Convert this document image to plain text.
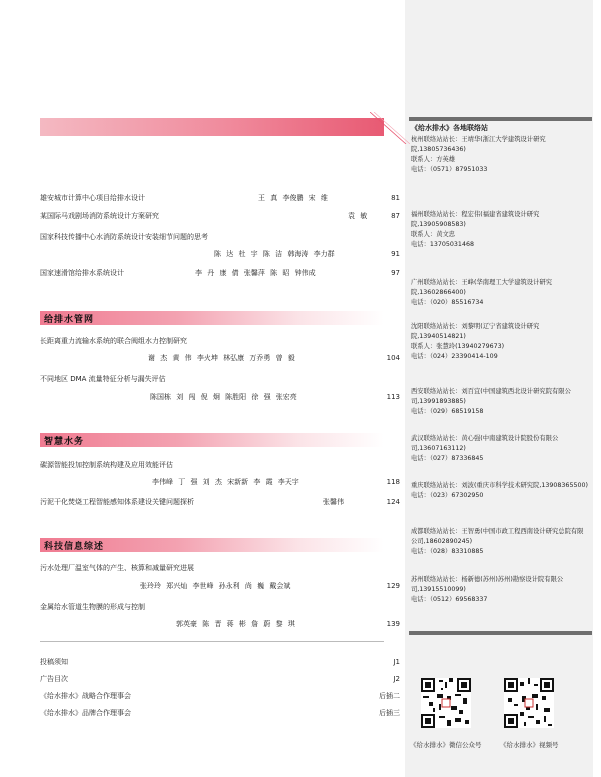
雄安城市计算中心项目给排水设计	王 真 李俊鹏 宋 维	81
某国际马戏剧场消防系统设计方案研究	袁 敏	87
国家科技传播中心水消防系统设计安装细节问题的思考
陈 达 杜 宇 陈 洁 韩海涛 李力群	91
国家速滑馆给排水系统设计	李 丹 康 倩 张馨萍 陈 昭 钟伟成	97
给排水管网
长距离重力流输水系统的联合阀组水力控制研究
谢 杰 黄 伟 李火坤 林弘康 万乔勇 曾 毅	104
不同地区 DMA 流量特征分析与漏失评估
陈国栋 刘 闯 倪 炯 陈胜阳 徐 强 张宏亮	113
智慧水务
碳源智能投加控制系统构建及应用效能评估
李伟峰 丁 强 刘 杰 宋新新 李 霞 李天宇	118
污泥干化焚烧工程智能感知体系建设关键问题探析	张馨伟	124
科技信息综述
污水处理厂温室气体的产生、核算和减量研究进展
张玲玲 郑兴灿 李世峰 孙永利 尚 巍 戴会斌	129
金属给水管道生物膜的形成与控制
郭英豪 陈 晋 蒋 彬 詹 蔚 黎 琪	139
投稿须知	J1
广告目次	J2
《给水排水》战略合作理事会	后插二
《给水排水》品牌合作理事会	后插三
《给水排水》各地联络站
杭州联络站站长：王靖华(浙江大学建筑设计研究院,13805736436)
联系人：方英雄
电话：（0571）87951033
福州联络站站长：程宏伟(福建省建筑设计研究院,13905908583)
联系人：黄文忠
电话：13705031468
广州联络站站长：王峰(华南理工大学建筑设计研究院,13602866400)
电话：（020）85516734
沈阳联络站站长：刘黎明(辽宁省建筑设计研究院,13940514821)
联系人：张慧玲(13940279673)
电话：（024）23390414-109
西安联络站站长：刘百宜(中国建筑西北设计研究院有限公司,13991893885)
电话：（029）68519158
武汉联络站站长：黄心强(中南建筑设计院股份有限公司,13607163112)
电话：（027）87336845
重庆联络站站长：刘波(重庆市科学技术研究院,13908365500)
电话：（023）67302950
成都联络站站长：王智勇(中国市政工程西南设计研究总院有限公司,18602890245)
电话：（028）83310885
苏州联络站站长：杨新德(苏州)苏州)勘察设计院有限公司,13915510099)
电话：（0512）69568337
《给水排水》微信公众号	《给水排水》视频号
